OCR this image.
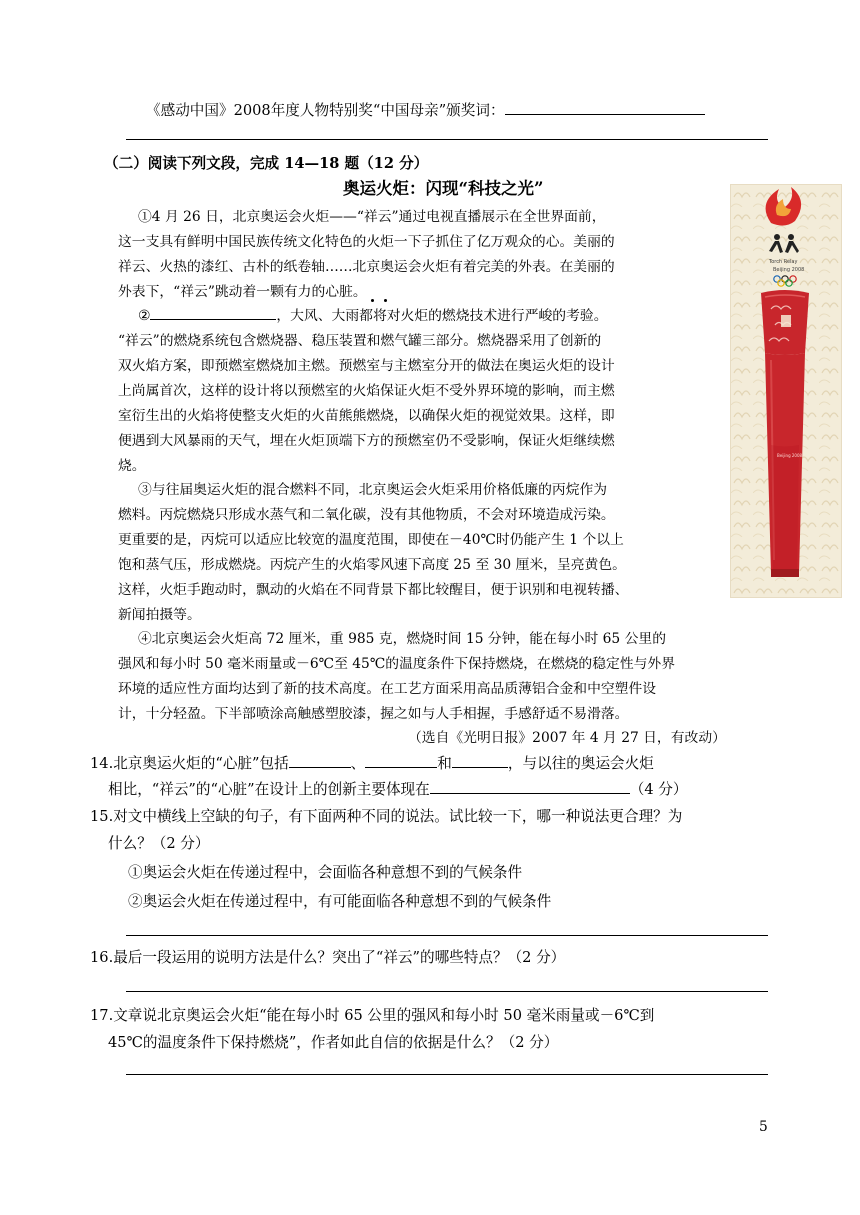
《感动中国》2008年度人物特别奖“中国母亲”颁奖词：
（二）阅读下列文段，完成 14—18 题（12 分）
奥运火炬：闪现“科技之光”
Torch Relay
Beijing 2008
Beijing 2008
①4 月 26 日，北京奥运会火炬——“祥云”通过电视直播展示在全世界面前，
这一支具有鲜明中国民族传统文化特色的火炬一下子抓住了亿万观众的心。美丽的
祥云、火热的漆红、古朴的纸卷轴……北京奥运会火炬有着完美的外表。在美丽的
外表下，“祥云”跳动着一颗有力的心脏。
②	，大风、大雨都将对火炬的燃烧技术进行严峻的考验。
“祥云”的燃烧系统包含燃烧器、稳压装置和燃气罐三部分。燃烧器采用了创新的
双火焰方案，即预燃室燃烧加主燃。预燃室与主燃室分开的做法在奥运火炬的设计
上尚属首次，这样的设计将以预燃室的火焰保证火炬不受外界环境的影响，而主燃
室衍生出的火焰将使整支火炬的火苗熊熊燃烧，以确保火炬的视觉效果。这样，即
便遇到大风暴雨的天气，埋在火炬顶端下方的预燃室仍不受影响，保证火炬继续燃
烧。
③与往届奥运火炬的混合燃料不同，北京奥运会火炬采用价格低廉的丙烷作为
燃料。丙烷燃烧只形成水蒸气和二氧化碳，没有其他物质，不会对环境造成污染。
更重要的是，丙烷可以适应比较宽的温度范围，即使在－40℃时仍能产生 1 个以上
饱和蒸气压，形成燃烧。丙烷产生的火焰零风速下高度 25 至 30 厘米，呈亮黄色。
这样，火炬手跑动时，飘动的火焰在不同背景下都比较醒目，便于识别和电视转播、
新闻拍摄等。
④北京奥运会火炬高 72 厘米，重 985 克，燃烧时间 15 分钟，能在每小时 65 公里的
强风和每小时 50 毫米雨量或－6℃至 45℃的温度条件下保持燃烧，在燃烧的稳定性与外界
环境的适应性方面均达到了新的技术高度。在工艺方面采用高品质薄铝合金和中空塑件设
计，十分轻盈。下半部喷涂高触感塑胶漆，握之如与人手相握，手感舒适不易滑落。
（选自《光明日报》2007 年 4 月 27 日，有改动）
14.北京奥运火炬的“心脏”包括	、	和	，与以往的奥运会火炬
相比，“祥云”的“心脏”在设计上的创新主要体现在	（4 分）
15.对文中横线上空缺的句子，有下面两种不同的说法。试比较一下，哪一种说法更合理？为
什么？（2 分）
①奥运会火炬在传递过程中，会面临各种意想不到的气候条件
②奥运会火炬在传递过程中，有可能面临各种意想不到的气候条件
16.最后一段运用的说明方法是什么？突出了“祥云”的哪些特点？（2 分）
17.文章说北京奥运会火炬“能在每小时 65 公里的强风和每小时 50 毫米雨量或－6℃到
45℃的温度条件下保持燃烧”，作者如此自信的依据是什么？（2 分）
5
